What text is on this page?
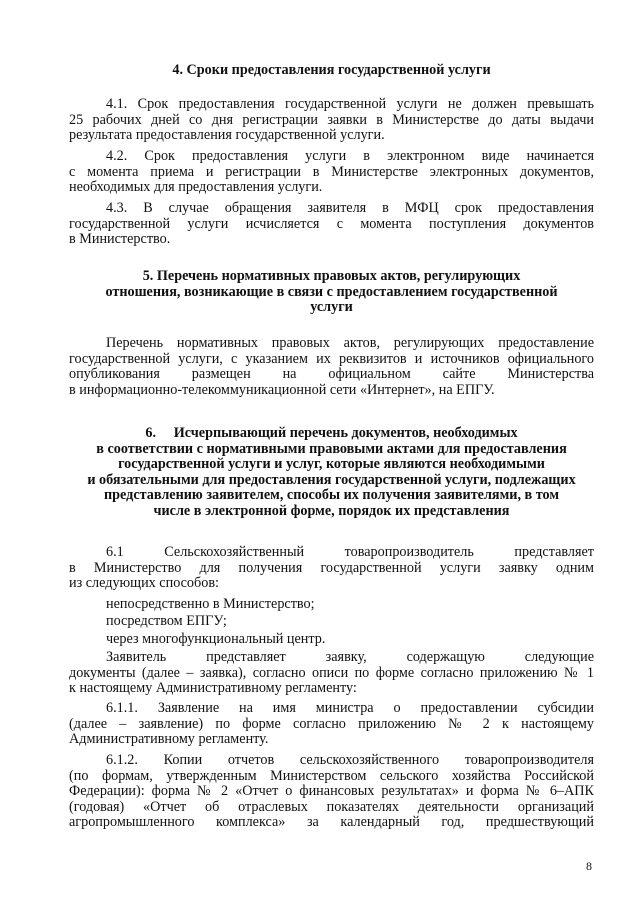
4. Сроки предоставления государственной услуги
4.1. Срок предоставления государственной услуги не должен превышать
25 рабочих дней со дня регистрации заявки в Министерстве до даты выдачи
результата предоставления государственной услуги.
4.2. Срок предоставления услуги в электронном виде начинается
с момента приема и регистрации в Министерстве электронных документов,
необходимых для предоставления услуги.
4.3. В случае обращения заявителя в МФЦ срок предоставления
государственной услуги исчисляется с момента поступления документов
в Министерство.
5. Перечень нормативных правовых актов, регулирующих
отношения, возникающие в связи с предоставлением государственной
услуги
Перечень нормативных правовых актов, регулирующих предоставление
государственной услуги, с указанием их реквизитов и источников официального
опубликования размещен на официальном сайте Министерства
в информационно-телекоммуникационной сети «Интернет», на ЕПГУ.
6.     Исчерпывающий перечень документов, необходимых
в соответствии с нормативными правовыми актами для предоставления
государственной услуги и услуг, которые являются необходимыми
и обязательными для предоставления государственной услуги, подлежащих
представлению заявителем, способы их получения заявителями, в том
числе в электронной форме, порядок их представления
6.1 Сельскохозяйственный товаропроизводитель представляет
в Министерство для получения государственной услуги заявку одним
из следующих способов:
непосредственно в Министерство;
посредством ЕПГУ;
через многофункциональный центр.
Заявитель представляет заявку, содержащую следующие
документы (далее – заявка), согласно описи по форме согласно приложению № 1
к настоящему Административному регламенту:
6.1.1. Заявление на имя министра о предоставлении субсидии
(далее – заявление) по форме согласно приложению № 2 к настоящему
Административному регламенту.
6.1.2. Копии отчетов сельскохозяйственного товаропроизводителя
(по формам, утвержденным Министерством сельского хозяйства Российской
Федерации): форма № 2 «Отчет о финансовых результатах» и форма № 6–АПК
(годовая) «Отчет об отраслевых показателях деятельности организаций
агропромышленного комплекса» за календарный год, предшествующий
8
